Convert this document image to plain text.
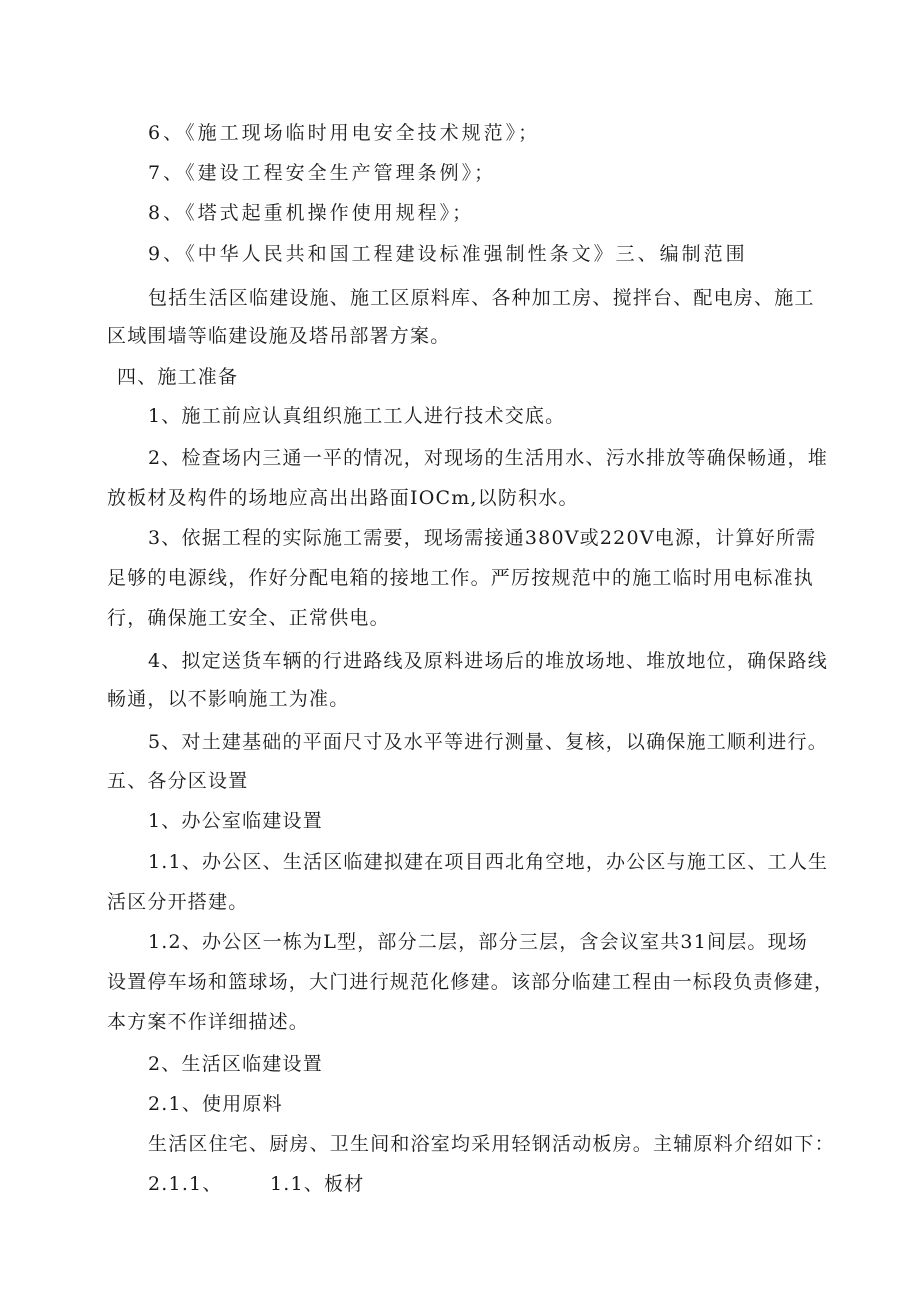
6、《施工现场临时用电安全技术规范》；
7、《建设工程安全生产管理条例》；
8、《塔式起重机操作使用规程》；
9、《中华人民共和国工程建设标准强制性条文》三、编制范围
包括生活区临建设施、施工区原料库、各种加工房、搅拌台、配电房、施工
区域围墙等临建设施及塔吊部署方案。
四、施工准备
1、施工前应认真组织施工工人进行技术交底。
2、检查场内三通一平的情况，对现场的生活用水、污水排放等确保畅通，堆
放板材及构件的场地应高出出路面IOCm,以防积水。
3、依据工程的实际施工需要，现场需接通380V或220V电源，计算好所需
足够的电源线，作好分配电箱的接地工作。严厉按规范中的施工临时用电标准执
行，确保施工安全、正常供电。
4、拟定送货车辆的行进路线及原料进场后的堆放场地、堆放地位，确保路线
畅通，以不影响施工为准。
5、对土建基础的平面尺寸及水平等进行测量、复核，以确保施工顺利进行。
五、各分区设置
1、办公室临建设置
1.1、办公区、生活区临建拟建在项目西北角空地，办公区与施工区、工人生
活区分开搭建。
1.2、办公区一栋为L型，部分二层，部分三层，含会议室共31间层。现场
设置停车场和篮球场，大门进行规范化修建。该部分临建工程由一标段负责修建，
本方案不作详细描述。
2、生活区临建设置
2.1、使用原料
生活区住宅、厨房、卫生间和浴室均采用轻钢活动板房。主辅原料介绍如下：
2.1.1、 1.1、板材
